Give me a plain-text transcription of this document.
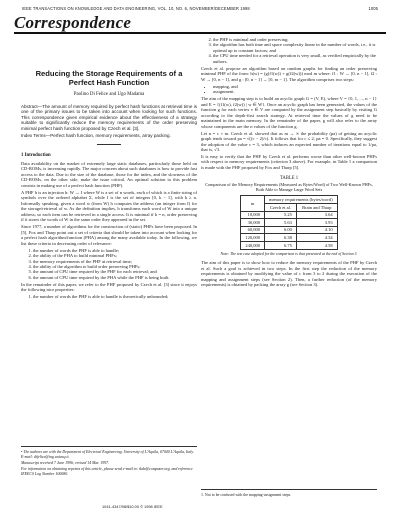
IEEE TRANSACTIONS ON KNOWLEDGE AND DATA ENGINEERING, VOL. 10, NO. 6, NOVEMBER/DECEMBER 1998	1005
Correspondence
Reducing the Storage Requirements of a Perfect Hash Function
Paolino Di Felice and Ugo Madama

Abstract—The amount of memory required by perfect hash functions at retrieval time is one of the primary issues to be taken into account when looking for such functions. This correspondence gives empirical evidence about the effectiveness of a strategy suitable to significantly reduce the memory requirements of the order preserving minimal perfect hash function proposed by Czech et al. [3].

Index Terms—Perfect hash function, memory requirements, array packing.

1 Introduction

Data availability on the market of extremely large static databases, particularly those held on CD-ROMs, is increasing rapidly. The major concern about such databases is how to provide fast access to the data. Due to the size of the database, those for the index, and the slowness of the CD-ROMs, on the other side, make the issue critical. An optimal solution to this problem consists in making use of a perfect hash function (PHF).

A PHF h is an injection h: W → I where W is a set of n words, each of which is a finite string of symbols over the ordered alphabet Σ, while I is the set of integers [0, k − 1], with k ≥ n. Informally speaking, given a word w (from W) h computes the address (an integer from I) for the storage/retrieval of w. As the definition implies, h transforms each word of W into a unique address; so each item can be retrieved in a single access. It is minimal if k = n, order preserving if it stores the words of W in the same order they appeared in the set.

Since 1977, a number of algorithms for the construction of (static) PHFs have been proposed. In [5], Fox and Tharp point out a set of criteria that should be taken into account when looking for a perfect hash algorithm/function (PHA) among the many available today. In the following, we list these criteria in decreasing order of relevance:

1. the number of words the PHF is able to handle;
2. the ability of the PHA to build minimal PHFs;
3. the memory requirements of the PHF at retrieval time;
4. the ability of the algorithm to build order preserving PHFs;
5. the amount of CPU time required by the PHF for each retrieval; and
6. the amount of CPU time required by the PHA while the PHF is being built.

In the remainder of this paper, we refer to the PHF proposed by Czech et al. [3] since it enjoys the following nice properties:

1. the number of words the PHF is able to handle is theoretically unbounded;

• The authors are with the Department of Electrical Engineering, University of L'Aquila, 67040 L'Aquila, Italy. E-mail: difelice@ing.univaq.it.

Manuscript received 7 June 1996; revised 14 Mar. 1997.

For information on obtaining reprints of this article, please send e-mail to: tkde@computer.org, and reference IEEECS Log Number 106080.

2. the PHF is minimal and order preserving;
3. the algorithm has both time and space complexity linear in the number of words, i.e., it is optimal up to constant factors; and
4. the CPU time needed for a retrieval operation is very small, as verified empirically by the authors.

Czech et al. propose an algorithm based on random graphs for finding an order preserving minimal PHF of the form: h(w) = (g(f1(w)) + g(f2(w))) mod m where: f1 : W → [0, n − 1], f2 : W → [0, n − 1], and g : [0, n − 1] → [0, m − 1]. The algorithm comprises two steps:

• mapping, and
• assignment.

The aim of the mapping step is to build an acyclic graph G = (V, E), where V = {0, 1, ..., n − 1} and E = {(f1(w), f2(w)) | w ∈ W}. Once an acyclic graph has been generated, the values of the function g for each vertex v ∈ V are computed by the assignment step basically by visiting G according to the depth-first search strategy. At retrieval time the values of g need to be maintained in the main memory. In the remainder of the paper, g will also refer to the array whose components are the n values of the function g.

Let n = c × m. Czech et al. showed that as m → ∞ the probability (pa) of getting an acyclic graph tends toward pa = √((c − 2)/c). It follows that for c ≤ 2, pa = 0. Specifically, they suggest the adoption of the value c = 3, which induces an expected number of iterations equal to 1/pa, that is, √3.

It is easy to verify that the PHF by Czech et al. performs worse than other well-known PHFs with respect to memory requirements (criterion 3 above). For example, in Table 1 a comparison is made with the PHF proposed by Fox and Tharp [5].

TABLE 1
Comparison of the Memory Requirements (Measured as Bytes/Word) of Two Well-Known PHFs, Both Able to Manage Large Word Sets
m	memory requirements (bytes/word)	
	Czech et al.	Brain and Tharp
10,000	5.25	3.64
30,000	5.63	3.93
60,000	6.00	4.10
120,000	6.38	4.34
240,000	6.75	4.58
Note: The test case adopted for the comparison is that presented at the end of Section 3.

The aim of this paper is to show how to reduce the memory requirements of the PHF by Czech et al. Such a goal is achieved in two steps. In the first step the reduction of the memory requirements is obtained by modifying the value of c from 3 to 2 during the execution of the mapping and assignment steps (see Section 2). Then, a further reduction (of the memory requirements) is obtained by packing the array g (see Section 3).

1. Not to be confused with the mapping-assignment steps.
1041-4347/98/$10.00 © 1998 IEEE
